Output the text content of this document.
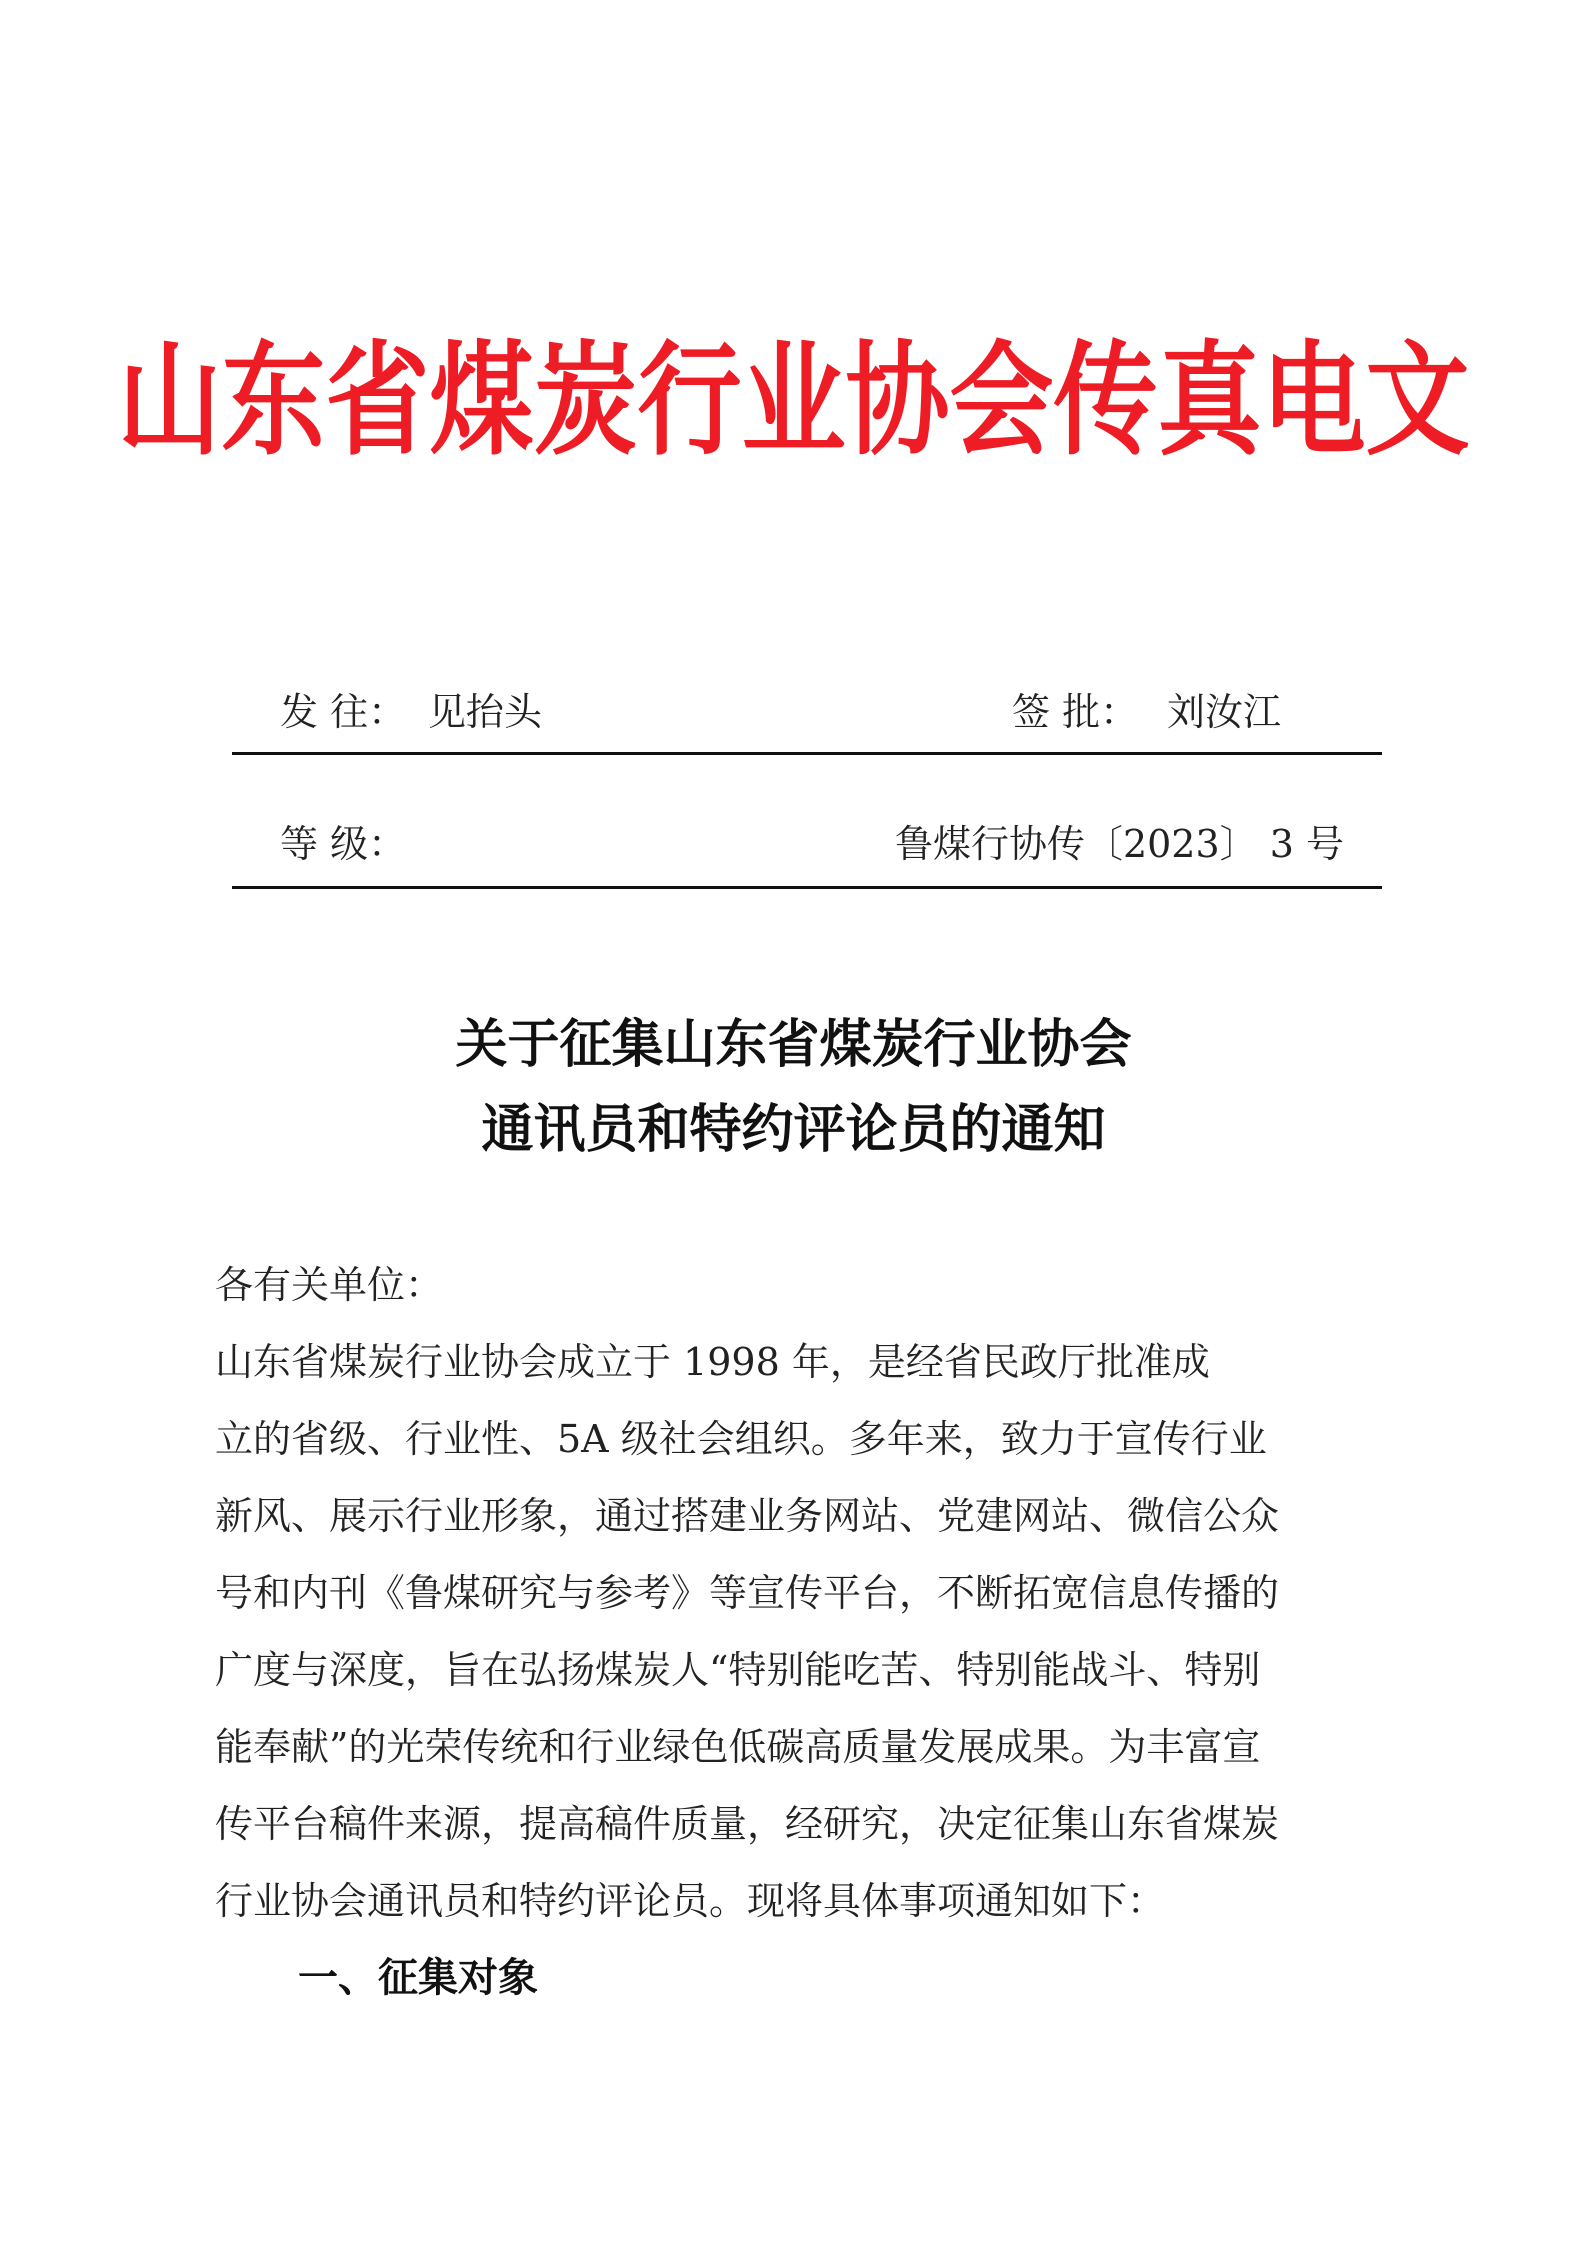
山东省煤炭行业协会传真电文
发 往： 见抬头	签 批： 刘汝江
等 级：	鲁煤行协传〔2023〕 3 号
关于征集山东省煤炭行业协会
通讯员和特约评论员的通知
各有关单位：
山东省煤炭行业协会成立于 1998 年，是经省民政厅批准成
立的省级、行业性、5A 级社会组织。多年来，致力于宣传行业
新风、展示行业形象，通过搭建业务网站、党建网站、微信公众
号和内刊《鲁煤研究与参考》等宣传平台，不断拓宽信息传播的
广度与深度，旨在弘扬煤炭人“特别能吃苦、特别能战斗、特别
能奉献”的光荣传统和行业绿色低碳高质量发展成果。为丰富宣
传平台稿件来源，提高稿件质量，经研究，决定征集山东省煤炭
行业协会通讯员和特约评论员。现将具体事项通知如下：
一、征集对象
